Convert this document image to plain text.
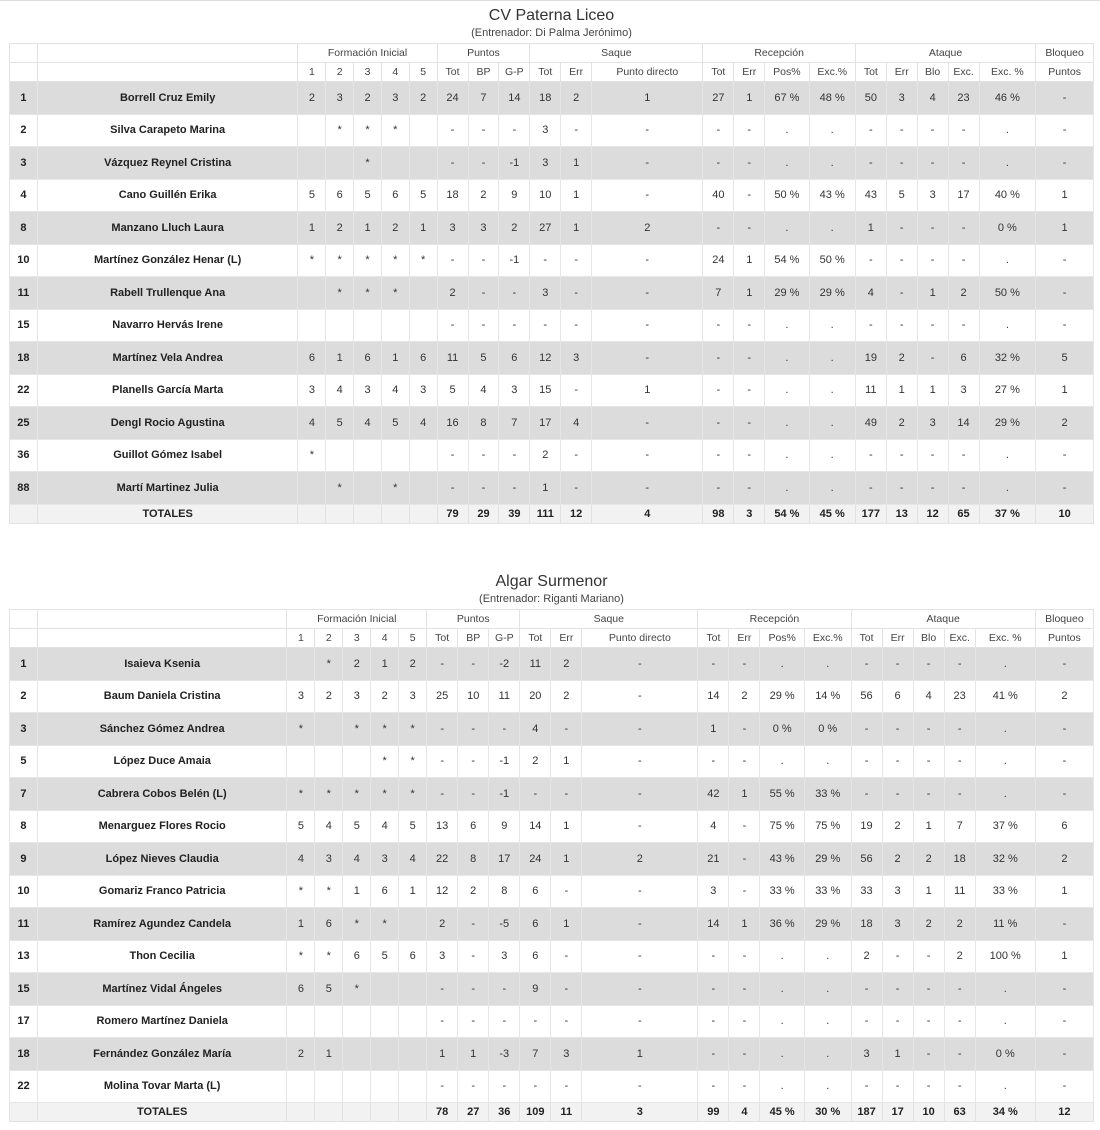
CV Paterna Liceo
(Entrenador: Di Palma Jerónimo)
		Formación Inicial					Puntos			Saque			Recepción				Ataque					Bloqueo
		1	2	3	4	5	Tot	BP	G-P	Tot	Err	Punto directo	Tot	Err	Pos%	Exc.%	Tot	Err	Blo	Exc.	Exc. %	Puntos
1	Borrell Cruz Emily	2	3	2	3	2	24	7	14	18	2	1	27	1	67 %	48 %	50	3	4	23	46 %	-
2	Silva Carapeto Marina		*	*	*		-	-	-	3	-	-	-	-	.	.	-	-	-	-	.	-
3	Vázquez Reynel Cristina			*			-	-	-1	3	1	-	-	-	.	.	-	-	-	-	.	-
4	Cano Guillén Erika	5	6	5	6	5	18	2	9	10	1	-	40	-	50 %	43 %	43	5	3	17	40 %	1
8	Manzano Lluch Laura	1	2	1	2	1	3	3	2	27	1	2	-	-	.	.	1	-	-	-	0 %	1
10	Martínez González Henar (L)	*	*	*	*	*	-	-	-1	-	-	-	24	1	54 %	50 %	-	-	-	-	.	-
11	Rabell Trullenque Ana		*	*	*		2	-	-	3	-	-	7	1	29 %	29 %	4	-	1	2	50 %	-
15	Navarro Hervás Irene						-	-	-	-	-	-	-	-	.	.	-	-	-	-	.	-
18	Martínez Vela Andrea	6	1	6	1	6	11	5	6	12	3	-	-	-	.	.	19	2	-	6	32 %	5
22	Planells García Marta	3	4	3	4	3	5	4	3	15	-	1	-	-	.	.	11	1	1	3	27 %	1
25	Dengl Rocio Agustina	4	5	4	5	4	16	8	7	17	4	-	-	-	.	.	49	2	3	14	29 %	2
36	Guillot Gómez Isabel	*					-	-	-	2	-	-	-	-	.	.	-	-	-	-	.	-
88	Martí Martinez Julia		*		*		-	-	-	1	-	-	-	-	.	.	-	-	-	-	.	-
	TOTALES						79	29	39	111	12	4	98	3	54 %	45 %	177	13	12	65	37 %	10
Algar Surmenor
(Entrenador: Riganti Mariano)
		Formación Inicial					Puntos			Saque			Recepción				Ataque					Bloqueo
		1	2	3	4	5	Tot	BP	G-P	Tot	Err	Punto directo	Tot	Err	Pos%	Exc.%	Tot	Err	Blo	Exc.	Exc. %	Puntos
1	Isaieva Ksenia		*	2	1	2	-	-	-2	11	2	-	-	-	.	.	-	-	-	-	.	-
2	Baum Daniela Cristina	3	2	3	2	3	25	10	11	20	2	-	14	2	29 %	14 %	56	6	4	23	41 %	2
3	Sánchez Gómez Andrea	*		*	*	*	-	-	-	4	-	-	1	-	0 %	0 %	-	-	-	-	.	-
5	López Duce Amaia				*	*	-	-	-1	2	1	-	-	-	.	.	-	-	-	-	.	-
7	Cabrera Cobos Belén (L)	*	*	*	*	*	-	-	-1	-	-	-	42	1	55 %	33 %	-	-	-	-	.	-
8	Menarguez Flores Rocio	5	4	5	4	5	13	6	9	14	1	-	4	-	75 %	75 %	19	2	1	7	37 %	6
9	López Nieves Claudia	4	3	4	3	4	22	8	17	24	1	2	21	-	43 %	29 %	56	2	2	18	32 %	2
10	Gomariz Franco Patricia	*	*	1	6	1	12	2	8	6	-	-	3	-	33 %	33 %	33	3	1	11	33 %	1
11	Ramírez Agundez Candela	1	6	*	*		2	-	-5	6	1	-	14	1	36 %	29 %	18	3	2	2	11 %	-
13	Thon Cecilia	*	*	6	5	6	3	-	3	6	-	-	-	-	.	.	2	-	-	2	100 %	1
15	Martínez Vidal Ángeles	6	5	*			-	-	-	9	-	-	-	-	.	.	-	-	-	-	.	-
17	Romero Martínez Daniela						-	-	-	-	-	-	-	-	.	.	-	-	-	-	.	-
18	Fernández González María	2	1				1	1	-3	7	3	1	-	-	.	.	3	1	-	-	0 %	-
22	Molina Tovar Marta (L)						-	-	-	-	-	-	-	-	.	.	-	-	-	-	.	-
	TOTALES						78	27	36	109	11	3	99	4	45 %	30 %	187	17	10	63	34 %	12
